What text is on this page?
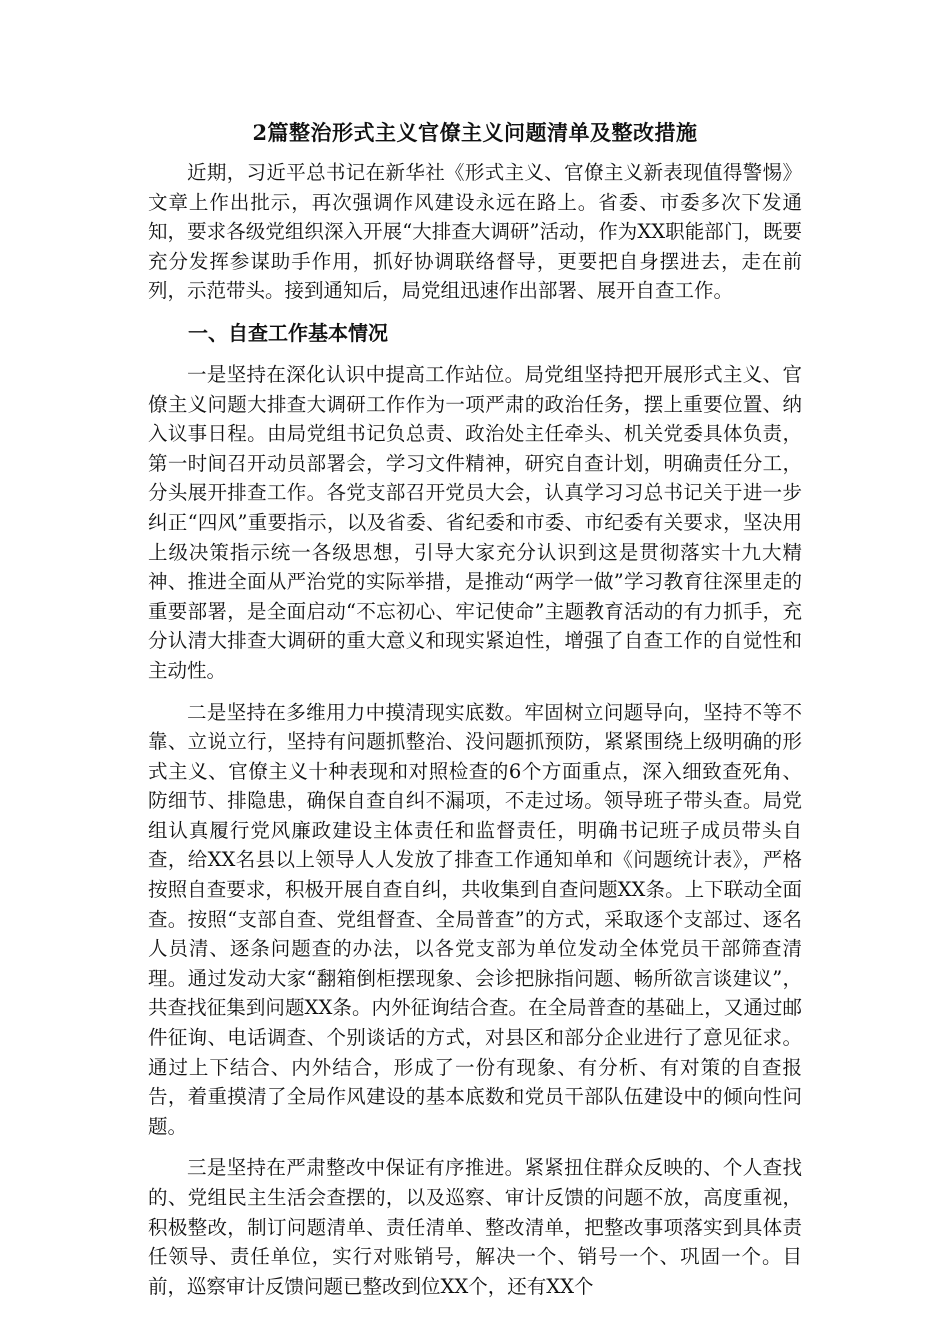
2篇整治形式主义官僚主义问题清单及整改措施

近期，习近平总书记在新华社《形式主义、官僚主义新表现值得警惕》文章上作出批示，再次强调作风建设永远在路上。省委、市委多次下发通知，要求各级党组织深入开展“大排查大调研”活动，作为XX职能部门，既要充分发挥参谋助手作用，抓好协调联络督导，更要把自身摆进去，走在前列，示范带头。接到通知后，局党组迅速作出部署、展开自查工作。

一、自查工作基本情况

一是坚持在深化认识中提高工作站位。局党组坚持把开展形式主义、官僚主义问题大排查大调研工作作为一项严肃的政治任务，摆上重要位置、纳入议事日程。由局党组书记负总责、政治处主任牵头、机关党委具体负责，第一时间召开动员部署会，学习文件精神，研究自查计划，明确责任分工，分头展开排查工作。各党支部召开党员大会，认真学习习总书记关于进一步纠正“四风”重要指示，以及省委、省纪委和市委、市纪委有关要求，坚决用上级决策指示统一各级思想，引导大家充分认识到这是贯彻落实十九大精神、推进全面从严治党的实际举措，是推动“两学一做”学习教育往深里走的重要部署，是全面启动“不忘初心、牢记使命”主题教育活动的有力抓手，充分认清大排查大调研的重大意义和现实紧迫性，增强了自查工作的自觉性和主动性。

二是坚持在多维用力中摸清现实底数。牢固树立问题导向，坚持不等不靠、立说立行，坚持有问题抓整治、没问题抓预防，紧紧围绕上级明确的形式主义、官僚主义十种表现和对照检查的6个方面重点，深入细致查死角、防细节、排隐患，确保自查自纠不漏项，不走过场。领导班子带头查。局党组认真履行党风廉政建设主体责任和监督责任，明确书记班子成员带头自查，给XX名县以上领导人人发放了排查工作通知单和《问题统计表》，严格按照自查要求，积极开展自查自纠，共收集到自查问题XX条。上下联动全面查。按照“支部自查、党组督查、全局普查”的方式，采取逐个支部过、逐名人员清、逐条问题查的办法，以各党支部为单位发动全体党员干部筛查清理。通过发动大家“翻箱倒柜摆现象、会诊把脉指问题、畅所欲言谈建议”，共查找征集到问题XX条。内外征询结合查。在全局普查的基础上，又通过邮件征询、电话调查、个别谈话的方式，对县区和部分企业进行了意见征求。通过上下结合、内外结合，形成了一份有现象、有分析、有对策的自查报告，着重摸清了全局作风建设的基本底数和党员干部队伍建设中的倾向性问题。

三是坚持在严肃整改中保证有序推进。紧紧扭住群众反映的、个人查找的、党组民主生活会查摆的，以及巡察、审计反馈的问题不放，高度重视，积极整改，制订问题清单、责任清单、整改清单，把整改事项落实到具体责任领导、责任单位，实行对账销号，解决一个、销号一个、巩固一个。目前，巡察审计反馈问题已整改到位XX个，还有XX个
